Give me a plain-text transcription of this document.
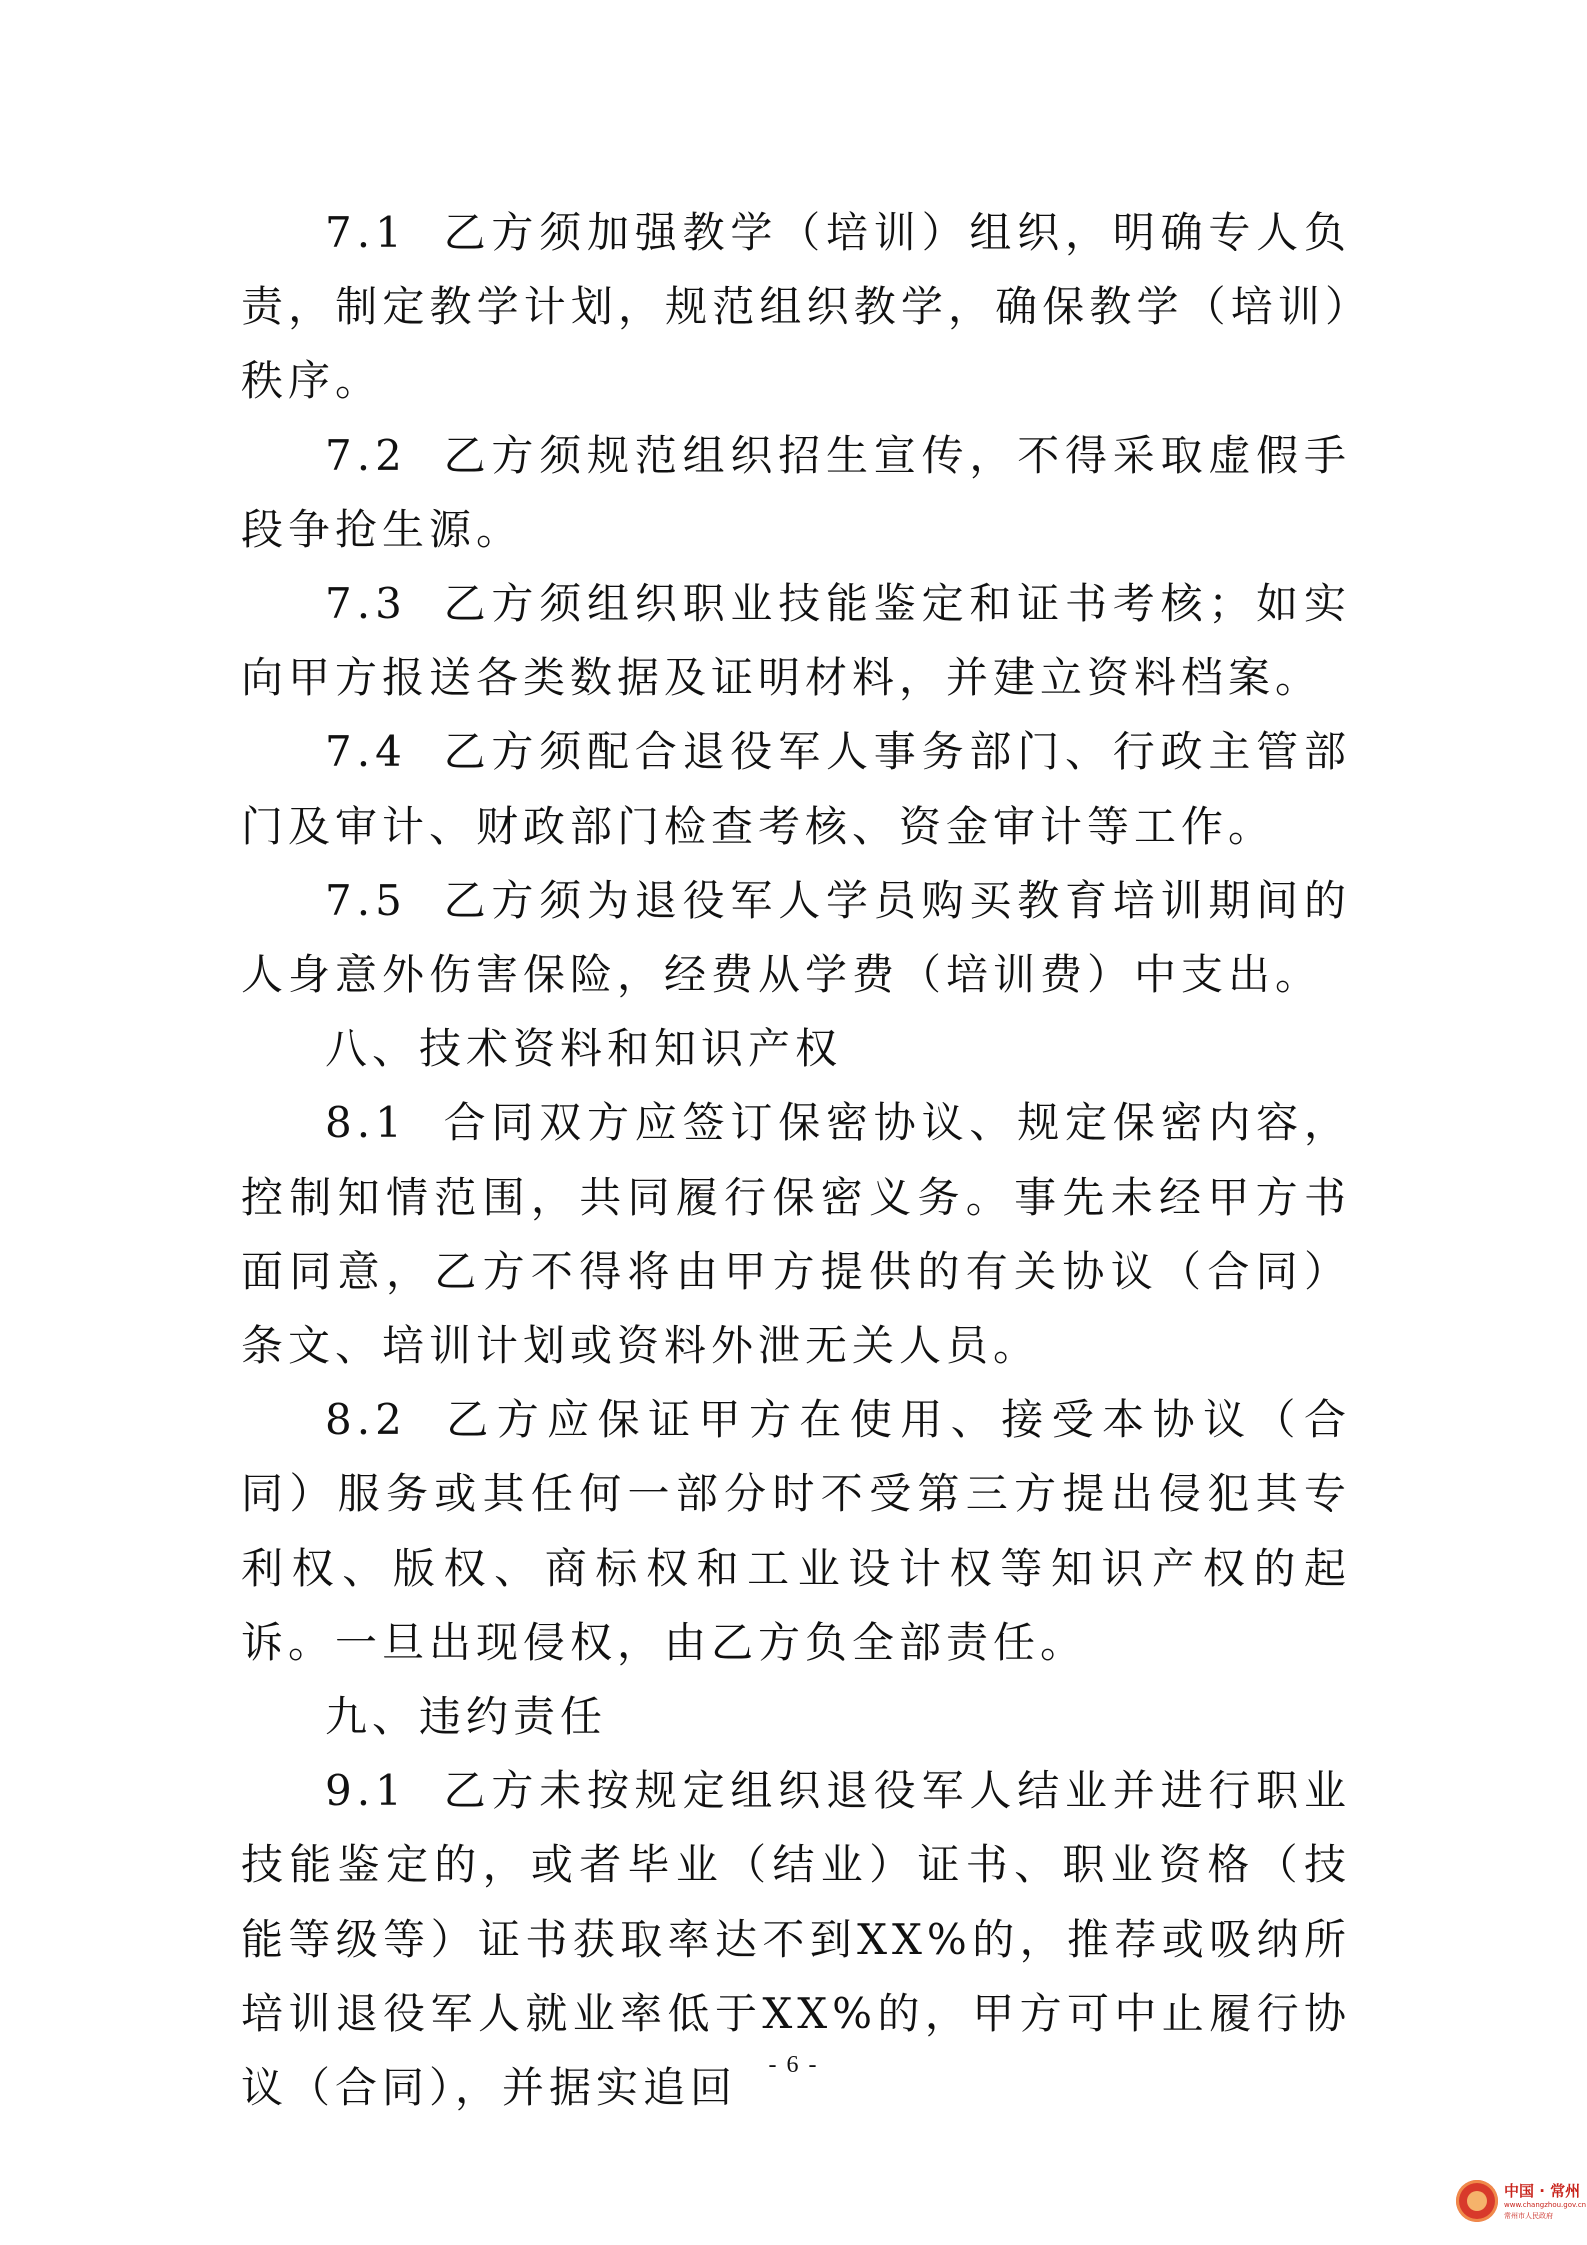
7.1 乙方须加强教学（培训）组织，明确专人负责，制定教学计划，规范组织教学，确保教学（培训）秩序。

7.2 乙方须规范组织招生宣传，不得采取虚假手段争抢生源。

7.3 乙方须组织职业技能鉴定和证书考核；如实向甲方报送各类数据及证明材料，并建立资料档案。

7.4 乙方须配合退役军人事务部门、行政主管部门及审计、财政部门检查考核、资金审计等工作。

7.5 乙方须为退役军人学员购买教育培训期间的人身意外伤害保险，经费从学费（培训费）中支出。

八、技术资料和知识产权

8.1 合同双方应签订保密协议、规定保密内容，控制知情范围，共同履行保密义务。事先未经甲方书面同意，乙方不得将由甲方提供的有关协议（合同）条文、培训计划或资料外泄无关人员。

8.2 乙方应保证甲方在使用、接受本协议（合同）服务或其任何一部分时不受第三方提出侵犯其专利权、版权、商标权和工业设计权等知识产权的起诉。一旦出现侵权，由乙方负全部责任。

九、违约责任

9.1 乙方未按规定组织退役军人结业并进行职业技能鉴定的，或者毕业（结业）证书、职业资格（技能等级等）证书获取率达不到XX%的，推荐或吸纳所培训退役军人就业率低于XX%的，甲方可中止履行协议（合同），并据实追回	- 6 -
中国 · 常州
www.changzhou.gov.cn
常州市人民政府
